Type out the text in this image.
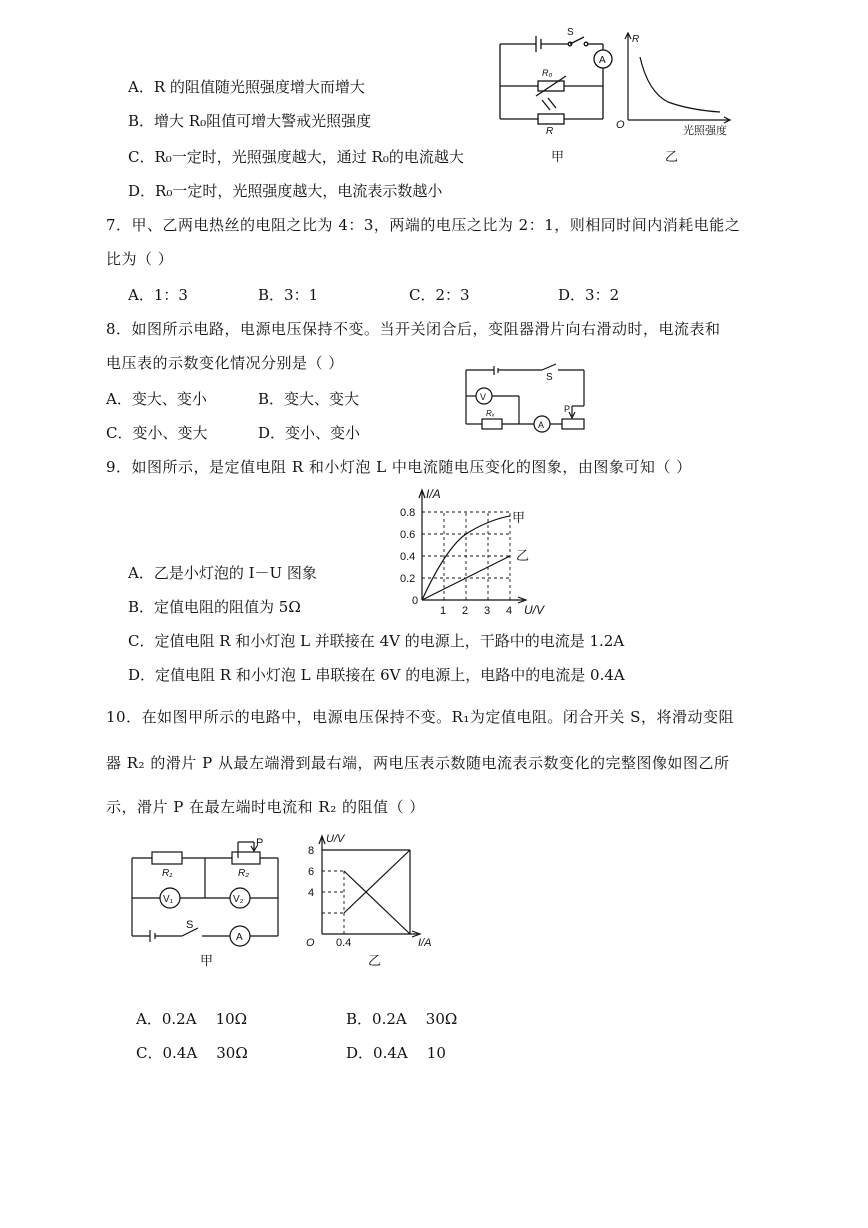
A．R 的阻值随光照强度增大而增大
B．增大 R₀阻值可增大警戒光照强度
C．R₀一定时，光照强度越大，通过 R₀的电流越大
D．R₀一定时，光照强度越大，电流表示数越小
S
A
R₀
R
甲
R
O	光照强度
乙
7．甲、乙两电热丝的电阻之比为 4：3，两端的电压之比为 2：1，则相同时间内消耗电能之
比为（ ）
A．1：3	B．3：1	C．2：3	D．3：2
8．如图所示电路，电源电压保持不变。当开关闭合后，变阻器滑片向右滑动时，电流表和
电压表的示数变化情况分别是（ ）
A．变大、变小	B．变大、变大
C．变小、变大	D．变小、变小
V
A
S
Rₓ	P
9．如图所示，是定值电阻 R 和小灯泡 L 中电流随电压变化的图象，由图象可知（ ）
I/A
0.2
0.4
0.6
0.8
0
1 2 3 4 U/V
甲
乙
A．乙是小灯泡的 I－U 图象
B．定值电阻的阻值为 5Ω
C．定值电阻 R 和小灯泡 L 并联接在 4V 的电源上，干路中的电流是 1.2A
D．定值电阻 R 和小灯泡 L 串联接在 6V 的电源上，电路中的电流是 0.4A
10．在如图甲所示的电路中，电源电压保持不变。R₁为定值电阻。闭合开关 S，将滑动变阻
器 R₂ 的滑片 P 从最左端滑到最右端，两电压表示数随电流表示数变化的完整图像如图乙所
示，滑片 P 在最左端时电流和 R₂ 的阻值（ ）
R₁	R₂
P
V₁	V₂
S
A
甲
U/V
8
6
4
O 0.4	I/A
乙
A．0.2A    10Ω	B．0.2A    30Ω
C．0.4A    30Ω	D．0.4A    10
